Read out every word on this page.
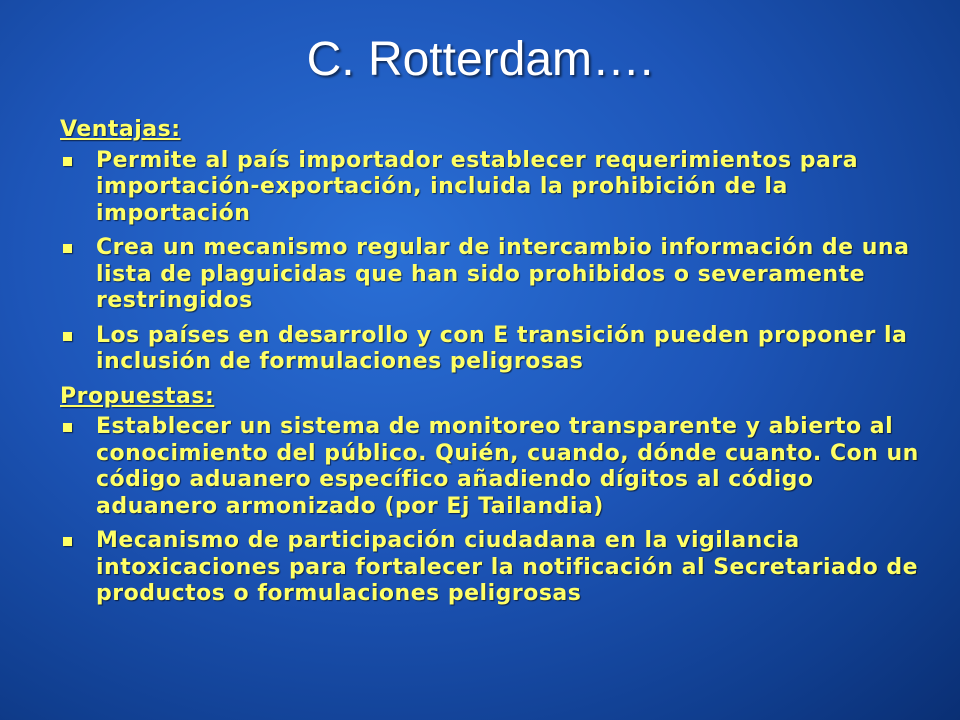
C. Rotterdam….
Ventajas:
Permite al país importador establecer requerimientos para importación-exportación, incluida la prohibición de la importación
Crea un mecanismo regular de intercambio información de una lista de plaguicidas que han sido prohibidos o severamente restringidos
Los países en desarrollo y con E transición pueden proponer la inclusión de formulaciones peligrosas
Propuestas:
Establecer un sistema de monitoreo transparente y abierto al conocimiento del público. Quién, cuando, dónde cuanto. Con un código aduanero específico añadiendo dígitos al código aduanero armonizado (por Ej Tailandia)
Mecanismo de participación ciudadana en la vigilancia intoxicaciones para fortalecer la notificación al Secretariado de productos o formulaciones peligrosas
